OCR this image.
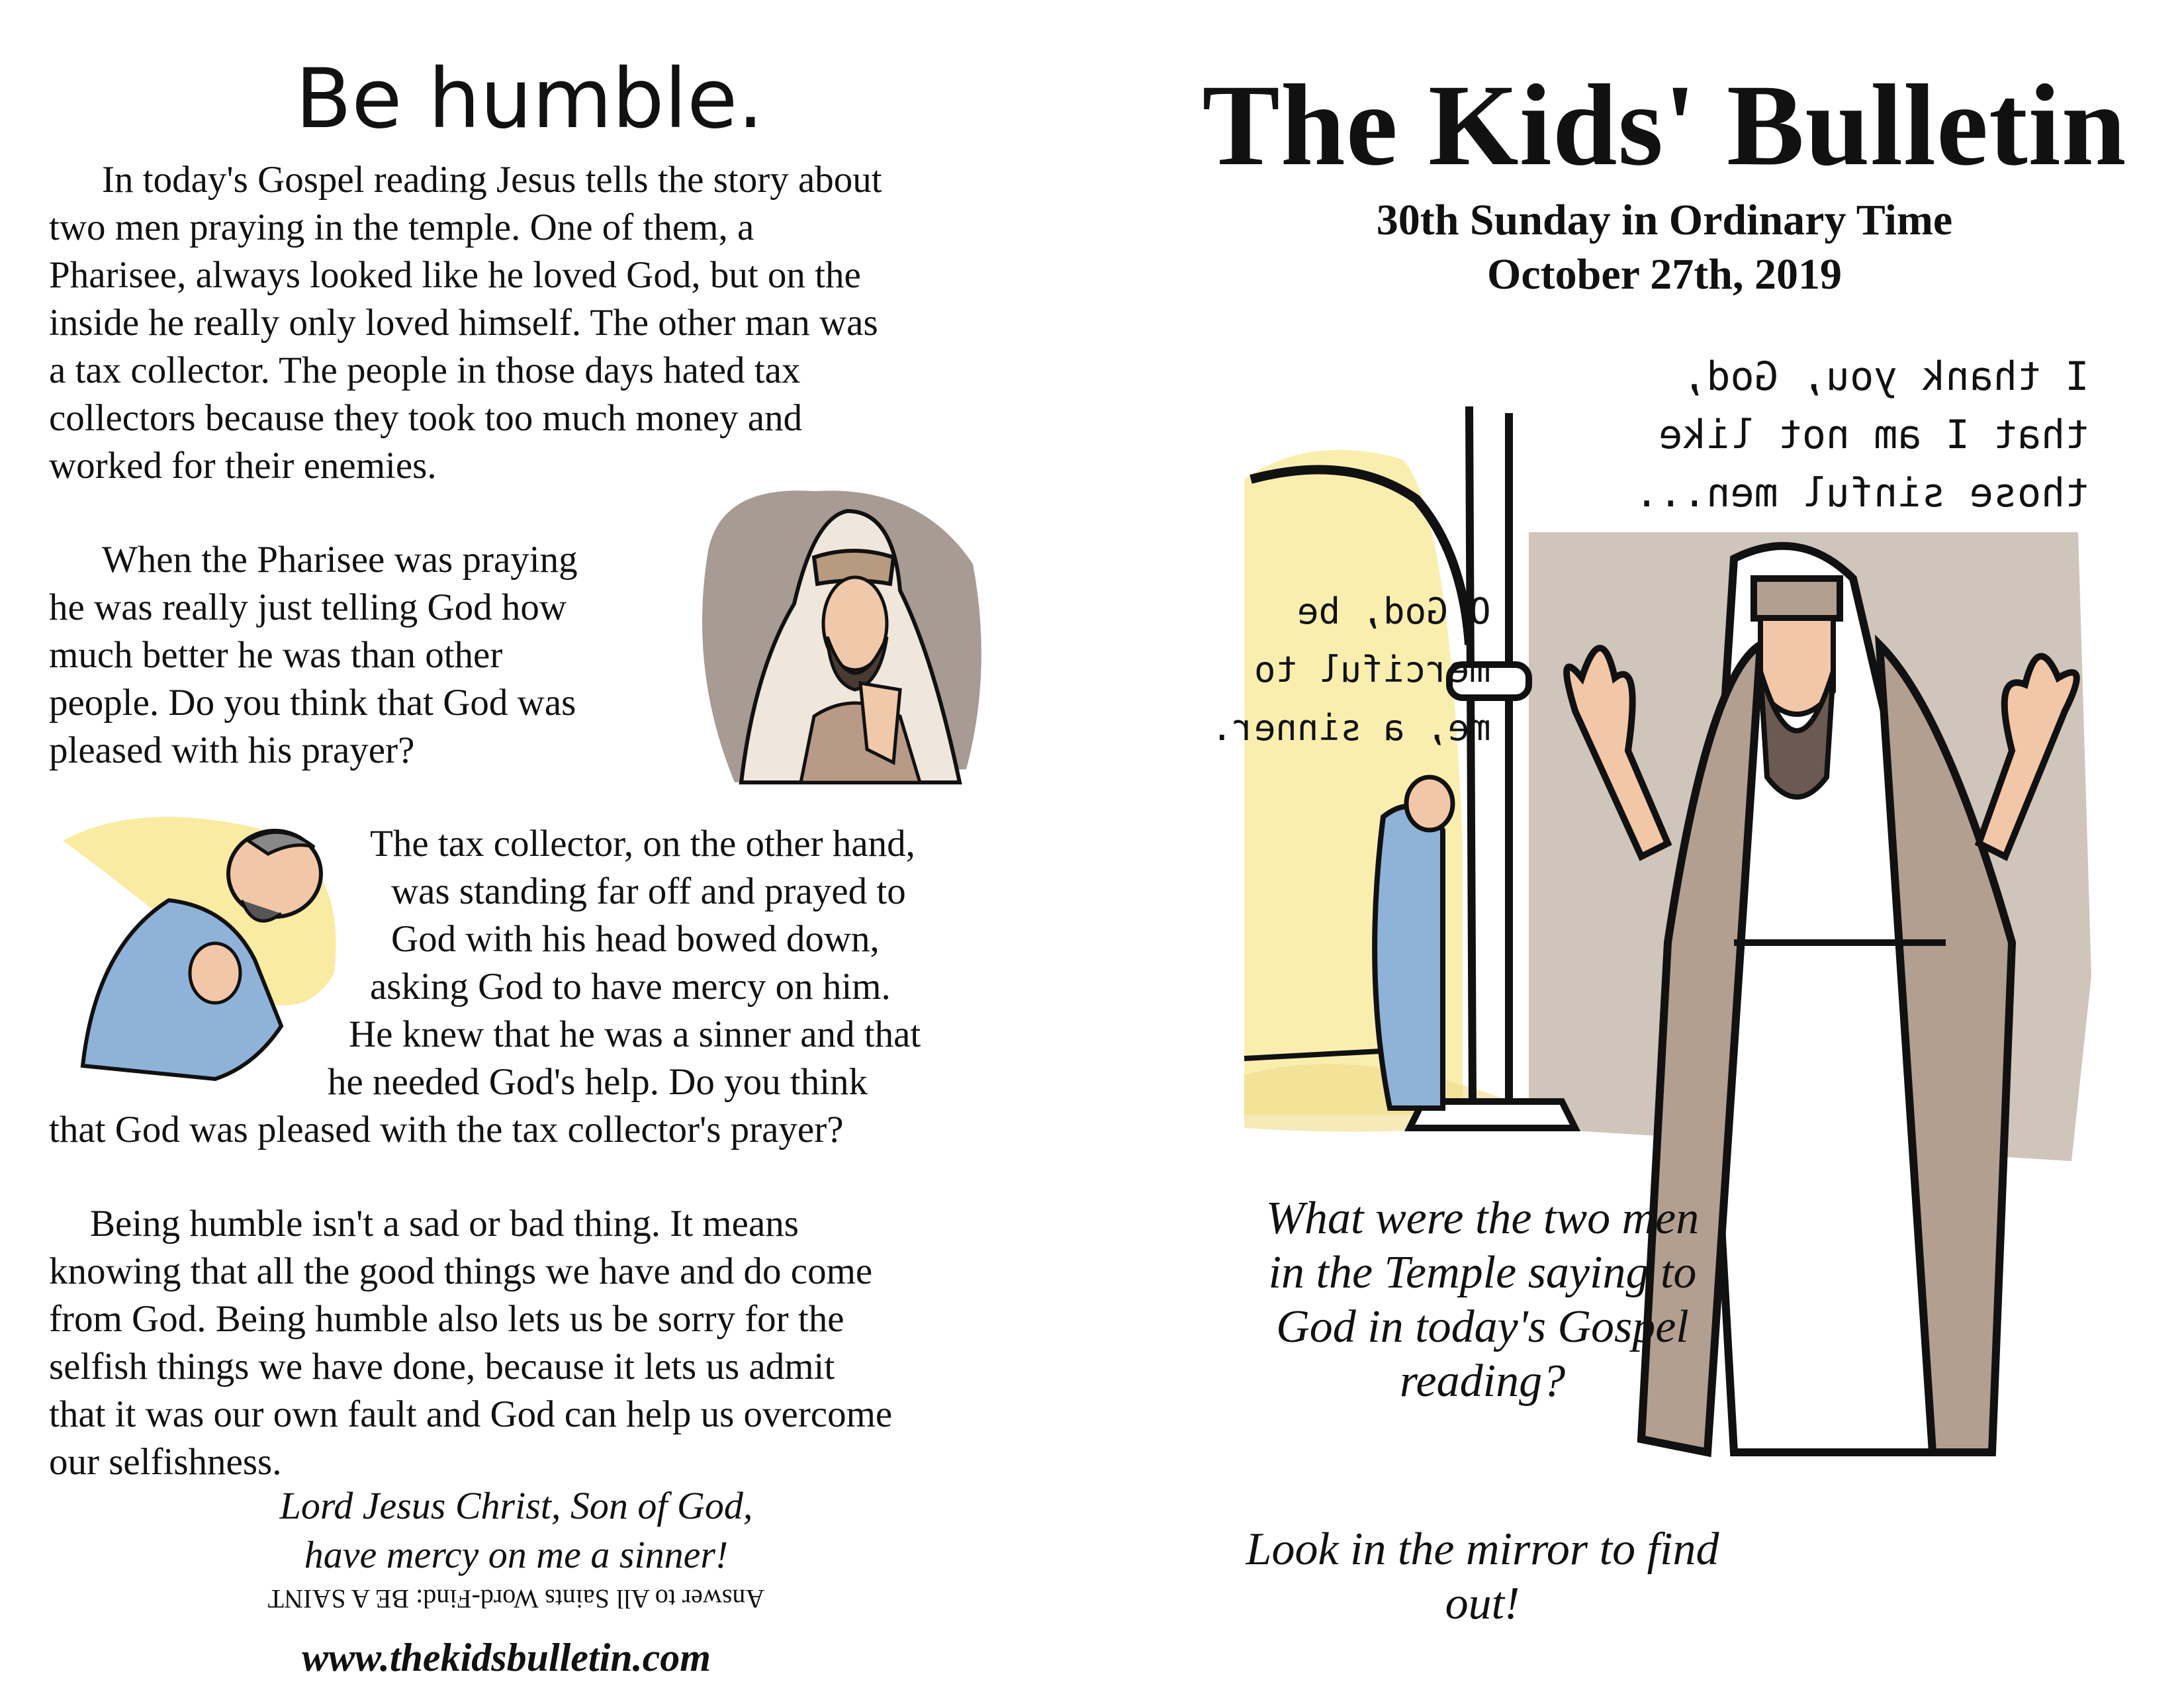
Be humble.
In today's Gospel reading Jesus tells the story about
two men praying in the temple. One of them, a
Pharisee, always looked like he loved God, but on the
inside he really only loved himself. The other man was
a tax collector. The people in those days hated tax
collectors because they took too much money and
worked for their enemies.
When the Pharisee was praying
he was really just telling God how
much better he was than other
people. Do you think that God was
pleased with his prayer?
The tax collector, on the other hand,
was standing far off and prayed to
God with his head bowed down,
asking God to have mercy on him.
He knew that he was a sinner and that
he needed God's help. Do you think
that God was pleased with the tax collector's prayer?
Being humble isn't a sad or bad thing. It means
knowing that all the good things we have and do come
from God. Being humble also lets us be sorry for the
selfish things we have done, because it lets us admit
that it was our own fault and God can help us overcome
our selfishness.
Lord Jesus Christ, Son of God,
have mercy on me a sinner!
Answer to All Saints Word-Find: BE A SAINT
www.thekidsbulletin.com
The Kids' Bulletin
30th Sunday in Ordinary Time
October 27th, 2019
I thank you, God,
that I am not like
those sinful men...
O God, be
merciful to
me, a sinner.
What were the two men in the Temple saying to God in today's Gospel reading?
Look in the mirror to find out!
